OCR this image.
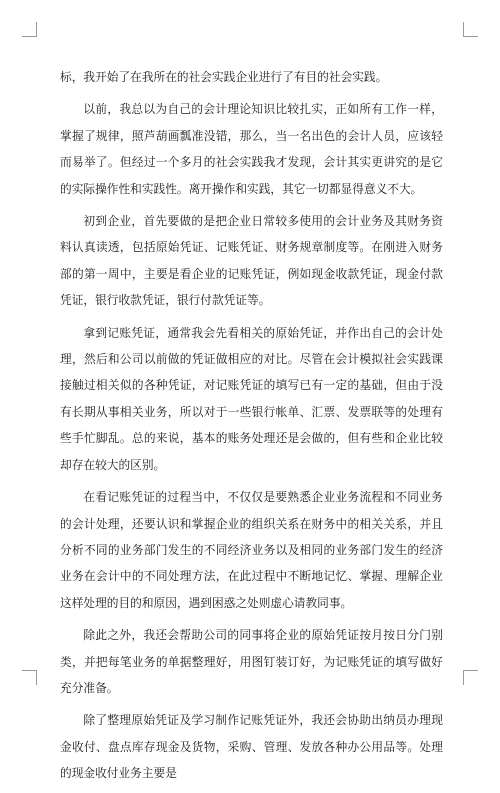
标，我开始了在我所在的社会实践企业进行了有目的社会实践。

以前，我总以为自己的会计理论知识比较扎实，正如所有工作一样，掌握了规律，照芦葫画瓢准没错，那么，当一名出色的会计人员，应该轻而易举了。但经过一个多月的社会实践我才发现，会计其实更讲究的是它的实际操作性和实践性。离开操作和实践，其它一切都显得意义不大。

初到企业，首先要做的是把企业日常较多使用的会计业务及其财务资料认真读透，包括原始凭证、记账凭证、财务规章制度等。在刚进入财务部的第一周中，主要是看企业的记账凭证，例如现金收款凭证，现金付款凭证，银行收款凭证，银行付款凭证等。

拿到记账凭证，通常我会先看相关的原始凭证，并作出自己的会计处理，然后和公司以前做的凭证做相应的对比。尽管在会计模拟社会实践课接触过相关似的各种凭证，对记账凭证的填写已有一定的基础，但由于没有长期从事相关业务，所以对于一些银行帐单、汇票、发票联等的处理有些手忙脚乱。总的来说，基本的账务处理还是会做的，但有些和企业比较却存在较大的区别。

在看记账凭证的过程当中，不仅仅是要熟悉企业业务流程和不同业务的会计处理，还要认识和掌握企业的组织关系在财务中的相关关系，并且分析不同的业务部门发生的不同经济业务以及相同的业务部门发生的经济业务在会计中的不同处理方法，在此过程中不断地记忆、掌握、理解企业这样处理的目的和原因，遇到困惑之处则虚心请教同事。

除此之外，我还会帮助公司的同事将企业的原始凭证按月按日分门别类，并把每笔业务的单据整理好，用图钉装订好，为记账凭证的填写做好充分准备。

除了整理原始凭证及学习制作记账凭证外，我还会协助出纳员办理现金收付、盘点库存现金及货物，采购、管理、发放各种办公用品等。处理的现金收付业务主要是
